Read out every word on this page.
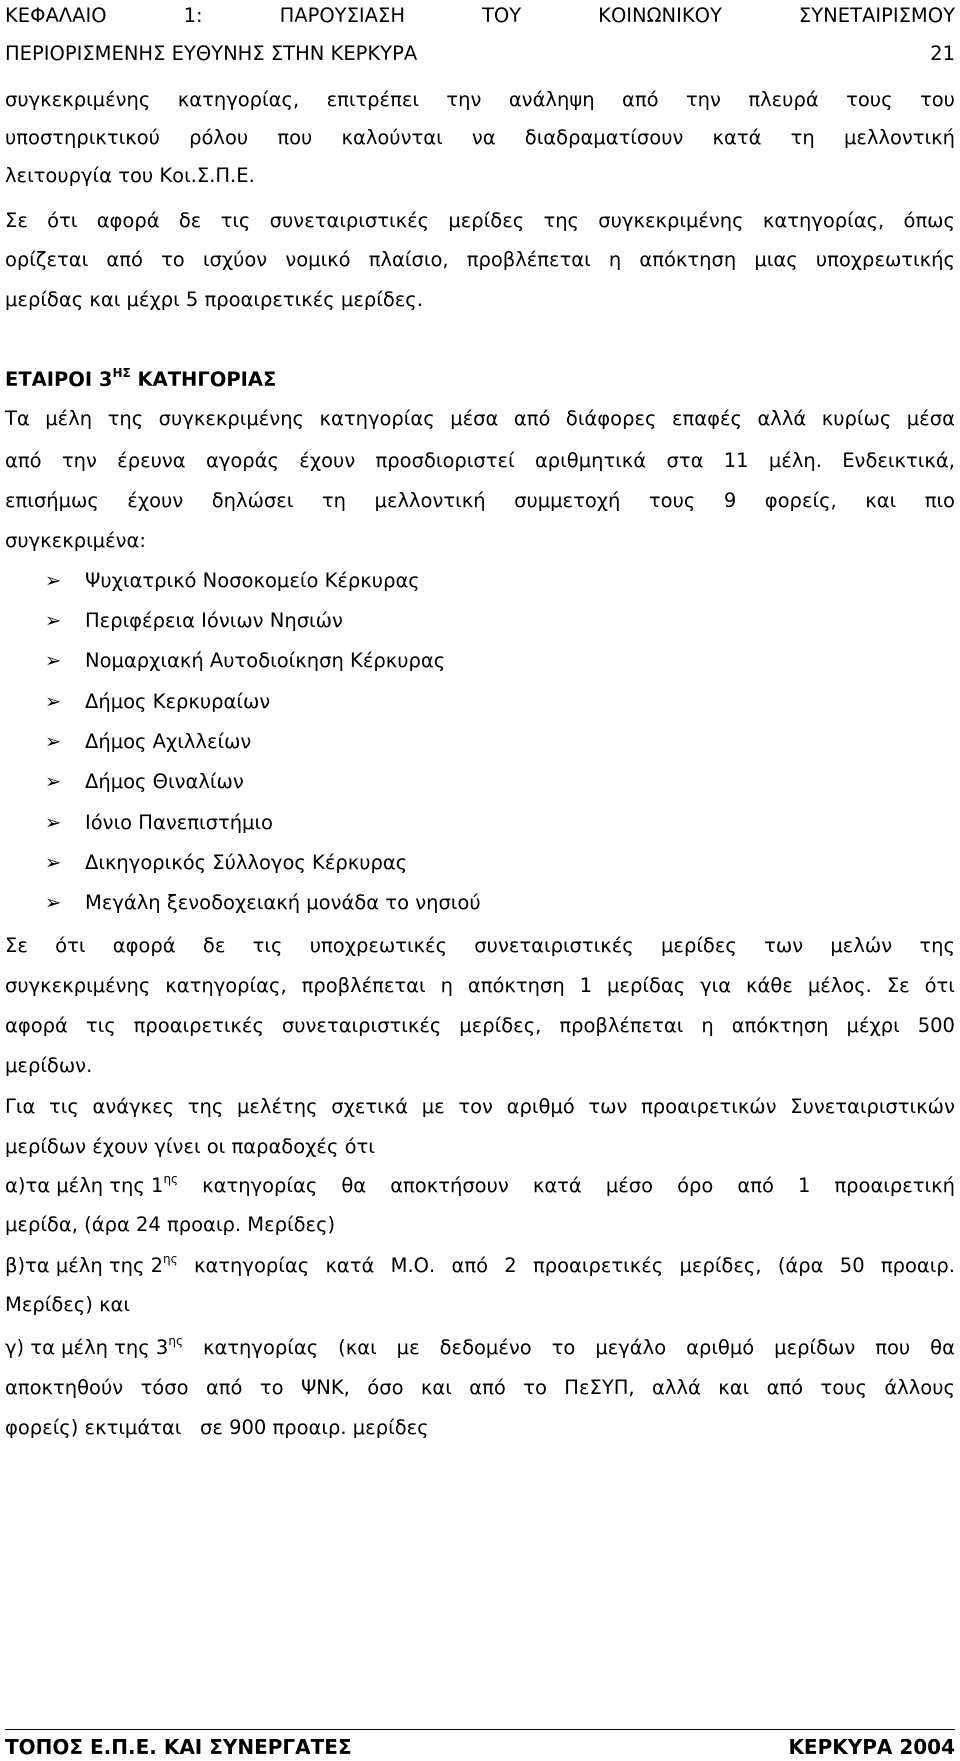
ΚΕΦΑΛΑΙΟ	1:	ΠΑΡΟΥΣΙΑΣΗ	ΤΟΥ	ΚΟΙΝΩΝΙΚΟΥ	ΣΥΝΕΤΑΙΡΙΣΜΟΥ
ΠΕΡΙΟΡΙΣΜΕΝΗΣ ΕΥΘΥΝΗΣ ΣΤΗΝ ΚΕΡΚΥΡΑ	21
συγκεκριμένης κατηγορίας, επιτρέπει την ανάληψη από την πλευρά τους του
υποστηρικτικού ρόλου που καλούνται να διαδραματίσουν κατά τη μελλοντική
λειτουργία του Κοι.Σ.Π.Ε.
Σε ότι αφορά δε τις συνεταιριστικές μερίδες της συγκεκριμένης κατηγορίας, όπως
ορίζεται από το ισχύον νομικό πλαίσιο, προβλέπεται η απόκτηση μιας υποχρεωτικής
μερίδας και μέχρι 5 προαιρετικές μερίδες.
ΕΤΑΙΡΟΙ $3^{H\Sigma}$ ΚΑΤΗΓΟΡΙΑΣ
Τα μέλη της συγκεκριμένης κατηγορίας μέσα από διάφορες επαφές αλλά κυρίως μέσα
από την έρευνα αγοράς έχουν προσδιοριστεί αριθμητικά στα 11 μέλη. Ενδεικτικά,
επισήμως έχουν δηλώσει τη μελλοντική συμμετοχή τους 9 φορείς, και πιο
συγκεκριμένα:
➢	Ψυχιατρικό Νοσοκομείο Κέρκυρας
➢	Περιφέρεια Ιόνιων Νησιών
➢	Νομαρχιακή Αυτοδιοίκηση Κέρκυρας
➢	Δήμος Κερκυραίων
➢	Δήμος Αχιλλείων
➢	Δήμος Θιναλίων
➢	Ιόνιο Πανεπιστήμιο
➢	Δικηγορικός Σύλλογος Κέρκυρας
➢	Μεγάλη ξενοδοχειακή μονάδα το νησιού
Σε ότι αφορά δε τις υποχρεωτικές συνεταιριστικές μερίδες των μελών της
συγκεκριμένης κατηγορίας, προβλέπεται η απόκτηση 1 μερίδας για κάθε μέλος. Σε ότι
αφορά τις προαιρετικές συνεταιριστικές μερίδες, προβλέπεται η απόκτηση μέχρι 500
μερίδων.
Για τις ανάγκες της μελέτης σχετικά με τον αριθμό των προαιρετικών Συνεταιριστικών
μερίδων έχουν γίνει οι παραδοχές ότι
α)τα μέλη της $1^{\eta\varsigma}$ κατηγορίας θα αποκτήσουν κατά μέσο όρο από 1 προαιρετική
μερίδα, (άρα 24 προαιρ. Μερίδες)
β)τα μέλη της $2^{\eta\varsigma}$ κατηγορίας κατά Μ.Ο. από 2 προαιρετικές μερίδες, (άρα 50 προαιρ.
Μερίδες) και
γ) τα μέλη της $3^{\eta\varsigma}$ κατηγορίας (και με δεδομένο το μεγάλο αριθμό μερίδων που θα
αποκτηθούν τόσο από το ΨΝΚ, όσο και από το ΠεΣΥΠ, αλλά και από τους άλλους
φορείς) εκτιμάται   σε 900 προαιρ. μερίδες
ΤΟΠΟΣ Ε.Π.Ε. ΚΑΙ ΣΥΝΕΡΓΑΤΕΣ	ΚΕΡΚΥΡΑ 2004
